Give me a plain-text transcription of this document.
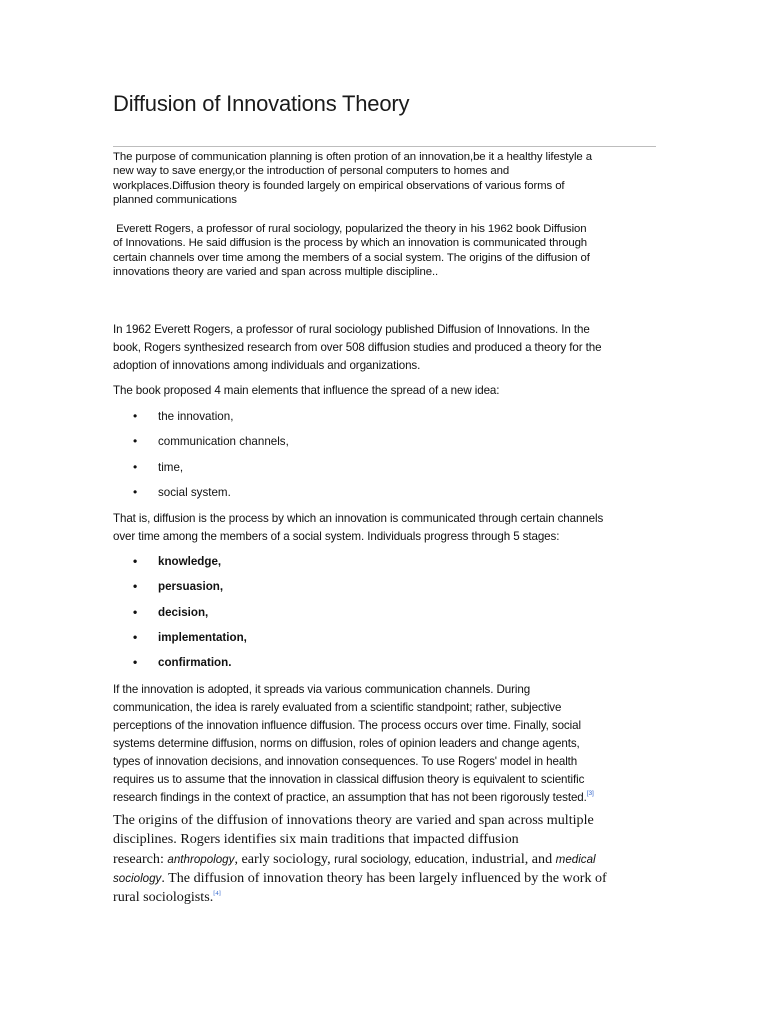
Diffusion of Innovations Theory

The purpose of communication planning is often protion of an innovation,be it a healthy lifestyle a
new way to save energy,or the introduction of personal computers to homes and
workplaces.Diffusion theory is founded largely on empirical observations of various forms of
planned communications

Everett Rogers, a professor of rural sociology, popularized the theory in his 1962 book Diffusion
of Innovations. He said diffusion is the process by which an innovation is communicated through
certain channels over time among the members of a social system. The origins of the diffusion of
innovations theory are varied and span across multiple discipline..

In 1962 Everett Rogers, a professor of rural sociology published Diffusion of Innovations. In the
book, Rogers synthesized research from over 508 diffusion studies and produced a theory for the
adoption of innovations among individuals and organizations.

The book proposed 4 main elements that influence the spread of a new idea:

• the innovation,
• communication channels,
• time,
• social system.

That is, diffusion is the process by which an innovation is communicated through certain channels
over time among the members of a social system. Individuals progress through 5 stages:

• knowledge,
• persuasion,
• decision,
• implementation,
• confirmation.

If the innovation is adopted, it spreads via various communication channels. During
communication, the idea is rarely evaluated from a scientific standpoint; rather, subjective
perceptions of the innovation influence diffusion. The process occurs over time. Finally, social
systems determine diffusion, norms on diffusion, roles of opinion leaders and change agents,
types of innovation decisions, and innovation consequences. To use Rogers' model in health
requires us to assume that the innovation in classical diffusion theory is equivalent to scientific
research findings in the context of practice, an assumption that has not been rigorously tested.[3]

The origins of the diffusion of innovations theory are varied and span across multiple
disciplines. Rogers identifies six main traditions that impacted diffusion
research: anthropology, early sociology, rural sociology, education, industrial, and medical
sociology. The diffusion of innovation theory has been largely influenced by the work of
rural sociologists.[4]
